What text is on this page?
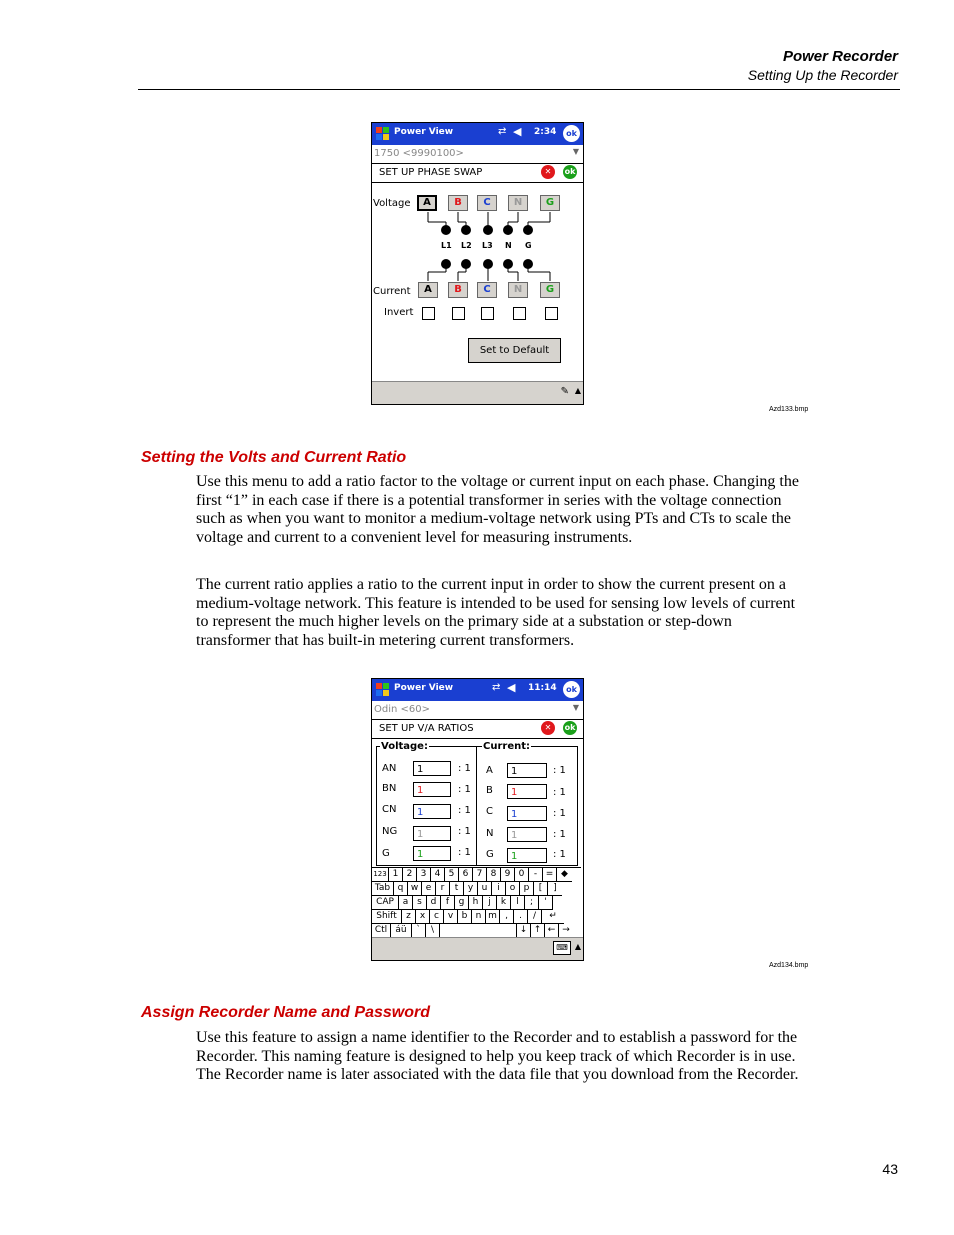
Power Recorder
Setting Up the Recorder
Power View	⇄ ◀︎ 2:34	ok
1750 <9990100>	▼
SET UP PHASE SWAP	✕	ok
Voltage
Current
Invert
L1 L2 L3 N G
A	B	C	N	G
A	B	C	N	G
Set to Default
✎ ▲
Azd133.bmp
Setting the Volts and Current Ratio
Use this menu to add a ratio factor to the voltage or current input on each phase. Changing the first “1” in each case if there is a potential transformer in series with the voltage connection such as when you want to monitor a medium-voltage network using PTs and CTs to scale the voltage and current to a convenient level for measuring instruments.
The current ratio applies a ratio to the current input in order to show the current present on a medium-voltage network. This feature is intended to be used for sensing low levels of current to represent the much higher levels on the primary side at a substation or step-down transformer that has built-in metering current transformers.
Power View	⇄ ◀︎ 11:14	ok
Odin <60>	▼
SET UP V/A RATIOS	✕	ok
Voltage:	Current:
AN	1	: 1
BN	1	: 1
CN	1	: 1
NG	1	: 1
G	1	: 1
A	1	: 1
B	1	: 1
C	1	: 1
N	1	: 1
G	1	: 1
123 1 2 3 4 5 6 7 8 9 0	- = ◆
Tab q w e	r	t	y u	i	o p	[	]
CAP a s d	f	g h	j	k	l	;	'
Shift	z x c v b n m ,	.	/	↵
Ctl áü	`	\	↓ ↑ ← →
⌨ ▲
Azd134.bmp
Assign Recorder Name and Password
Use this feature to assign a name identifier to the Recorder and to establish a password for the Recorder. This naming feature is designed to help you keep track of which Recorder is in use. The Recorder name is later associated with the data file that you download from the Recorder.
43
